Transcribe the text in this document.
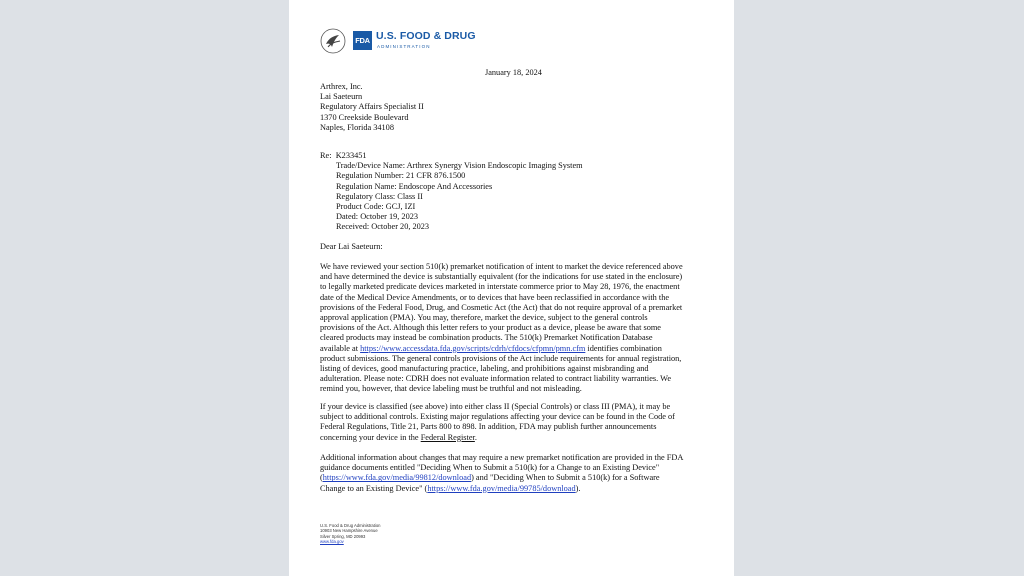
FDA U.S. FOOD & DRUG
ADMINISTRATION
January 18, 2024
Arthrex, Inc.
Lai Saeteurn
Regulatory Affairs Specialist II
1370 Creekside Boulevard
Naples, Florida 34108
Re: K233451
Trade/Device Name: Arthrex Synergy Vision Endoscopic Imaging System
Regulation Number: 21 CFR 876.1500
Regulation Name: Endoscope And Accessories
Regulatory Class: Class II
Product Code: GCJ, IZI
Dated: October 19, 2023
Received: October 20, 2023
Dear Lai Saeteurn:
We have reviewed your section 510(k) premarket notification of intent to market the device referenced above
and have determined the device is substantially equivalent (for the indications for use stated in the enclosure)
to legally marketed predicate devices marketed in interstate commerce prior to May 28, 1976, the enactment
date of the Medical Device Amendments, or to devices that have been reclassified in accordance with the
provisions of the Federal Food, Drug, and Cosmetic Act (the Act) that do not require approval of a premarket
approval application (PMA). You may, therefore, market the device, subject to the general controls
provisions of the Act. Although this letter refers to your product as a device, please be aware that some
cleared products may instead be combination products. The 510(k) Premarket Notification Database
available at https://www.accessdata.fda.gov/scripts/cdrh/cfdocs/cfpmn/pmn.cfm identifies combination
product submissions. The general controls provisions of the Act include requirements for annual registration,
listing of devices, good manufacturing practice, labeling, and prohibitions against misbranding and
adulteration. Please note: CDRH does not evaluate information related to contract liability warranties. We
remind you, however, that device labeling must be truthful and not misleading.
If your device is classified (see above) into either class II (Special Controls) or class III (PMA), it may be
subject to additional controls. Existing major regulations affecting your device can be found in the Code of
Federal Regulations, Title 21, Parts 800 to 898. In addition, FDA may publish further announcements
concerning your device in the Federal Register.
Additional information about changes that may require a new premarket notification are provided in the FDA
guidance documents entitled "Deciding When to Submit a 510(k) for a Change to an Existing Device"
(https://www.fda.gov/media/99812/download) and "Deciding When to Submit a 510(k) for a Software
Change to an Existing Device" (https://www.fda.gov/media/99785/download).
U.S. Food & Drug Administration
10903 New Hampshire Avenue
Silver Spring, MD 20993
www.fda.gov
